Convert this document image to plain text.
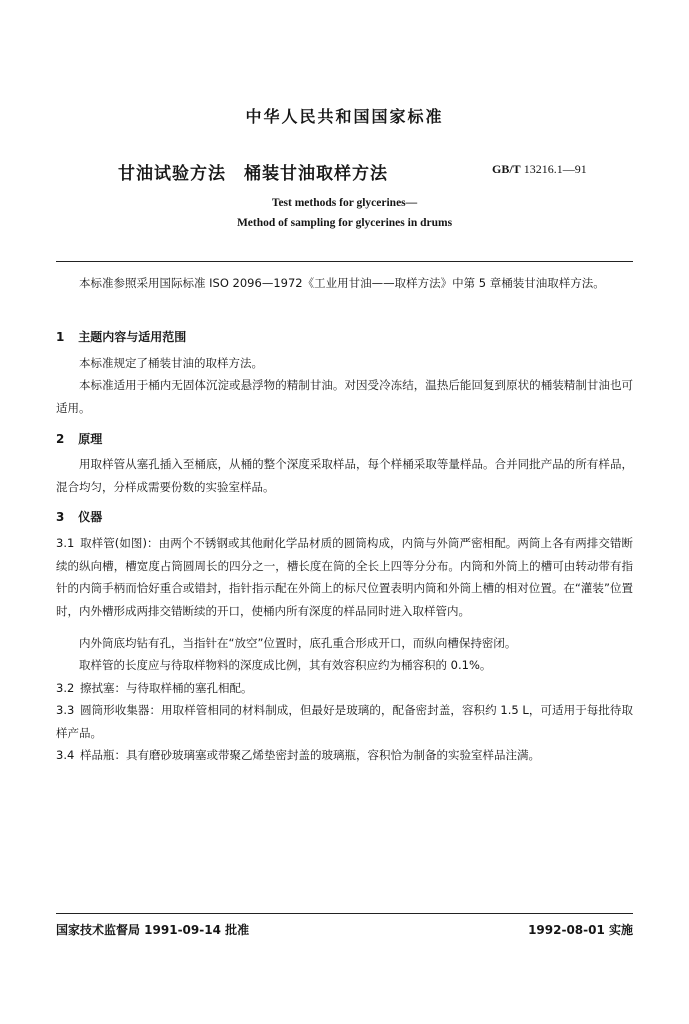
中华人民共和国国家标准
甘油试验方法　桶装甘油取样方法	GB/T 13216.1—91
Test methods for glycerines—
Method of sampling for glycerines in drums
本标准参照采用国际标准 ISO 2096—1972《工业用甘油——取样方法》中第 5 章桶装甘油取样方法。
1 主题内容与适用范围
本标准规定了桶装甘油的取样方法。
本标准适用于桶内无固体沉淀或悬浮物的精制甘油。对因受冷冻结，温热后能回复到原状的桶装精制甘油也可适用。
2 原理
用取样管从塞孔插入至桶底，从桶的整个深度采取样品，每个样桶采取等量样品。合并同批产品的所有样品，混合均匀，分样成需要份数的实验室样品。
3 仪器
3.1 取样管(如图)：由两个不锈钢或其他耐化学品材质的圆筒构成，内筒与外筒严密相配。两筒上各有两排交错断续的纵向槽，槽宽度占筒圆周长的四分之一，槽长度在筒的全长上四等分分布。内筒和外筒上的槽可由转动带有指针的内筒手柄而恰好重合或错封，指针指示配在外筒上的标尺位置表明内筒和外筒上槽的相对位置。在“灌装”位置时，内外槽形成两排交错断续的开口，使桶内所有深度的样品同时进入取样管内。
内外筒底均钻有孔，当指针在“放空”位置时，底孔重合形成开口，而纵向槽保持密闭。
取样管的长度应与待取样物料的深度成比例，其有效容积应约为桶容积的 0.1%。
3.2 擦拭塞：与待取样桶的塞孔相配。
3.3 圆筒形收集器：用取样管相同的材料制成，但最好是玻璃的，配备密封盖，容积约 1.5 L，可适用于每批待取样产品。
3.4 样品瓶：具有磨砂玻璃塞或带聚乙烯垫密封盖的玻璃瓶，容积恰为制备的实验室样品注满。
国家技术监督局 1991-09-14 批准	1992-08-01 实施
